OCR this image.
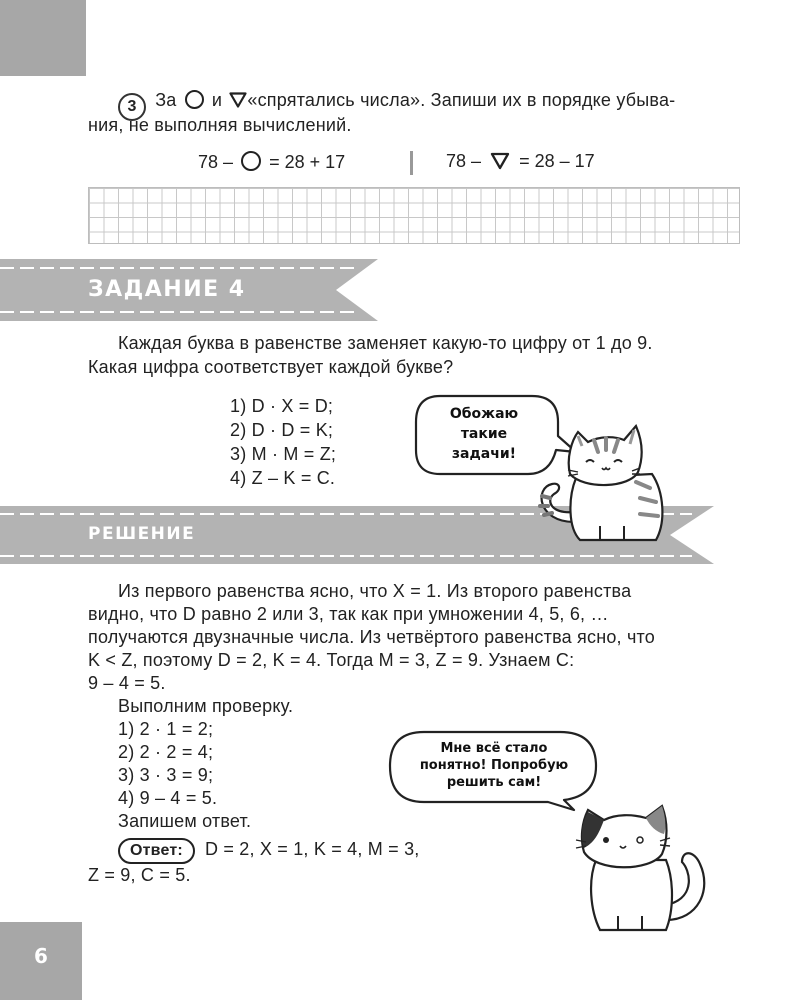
6
3 За и «спрятались числа». Запиши их в порядке убыва-
ния, не выполняя вычислений.
78 – = 28 + 17	78 – = 28 – 17
ЗАДАНИЕ 4
Каждая буква в равенстве заменяет какую-то цифру от 1 до 9.
Какая цифра соответствует каждой букве?
1) D · X = D;
2) D · D = K;
3) M · M = Z;
4) Z – K = C.
Обожаю
такие
задачи!
РЕШЕНИЕ
Из первого равенства ясно, что X = 1. Из второго равенства
видно, что D равно 2 или 3, так как при умножении 4, 5, 6, …
получаются двузначные числа. Из четвёртого равенства ясно, что
K < Z, поэтому D = 2, K = 4. Тогда M = 3, Z = 9. Узнаем C:
9 – 4 = 5.
Выполним проверку.
1) 2 · 1 = 2;
2) 2 · 2 = 4;
3) 3 · 3 = 9;
4) 9 – 4 = 5.
Запишем ответ.
Ответ: D = 2, X = 1, K = 4, M = 3,
Z = 9, C = 5.
Мне всё стало
понятно! Попробую
решить сам!
